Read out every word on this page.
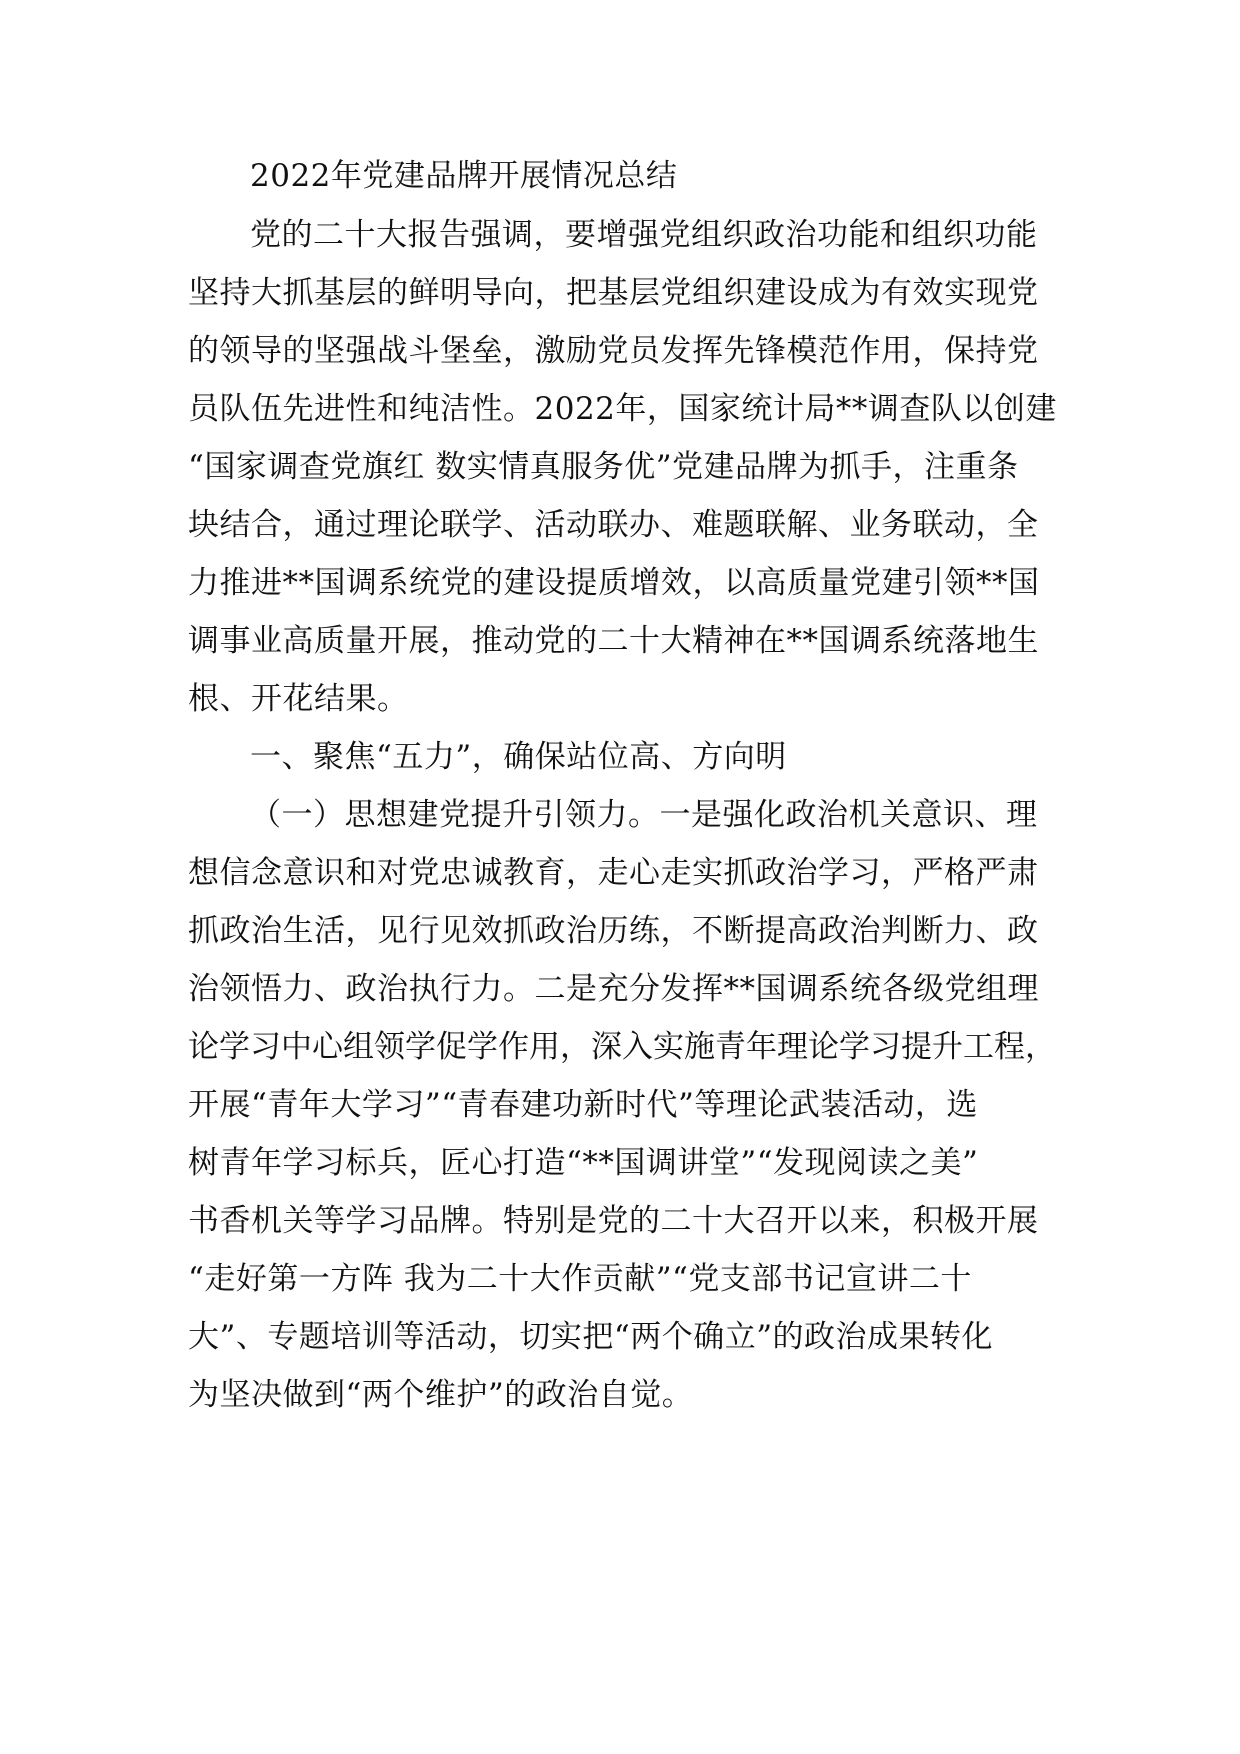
2022年党建品牌开展情况总结
党的二十大报告强调，要增强党组织政治功能和组织功能
坚持大抓基层的鲜明导向，把基层党组织建设成为有效实现党
的领导的坚强战斗堡垒，激励党员发挥先锋模范作用，保持党
员队伍先进性和纯洁性。2022年，国家统计局**调查队以创建
“国家调查党旗红 数实情真服务优”党建品牌为抓手，注重条
块结合，通过理论联学、活动联办、难题联解、业务联动，全
力推进**国调系统党的建设提质增效，以高质量党建引领**国
调事业高质量开展，推动党的二十大精神在**国调系统落地生
根、开花结果。
一、聚焦“五力”，确保站位高、方向明
（一）思想建党提升引领力。一是强化政治机关意识、理
想信念意识和对党忠诚教育，走心走实抓政治学习，严格严肃
抓政治生活，见行见效抓政治历练，不断提高政治判断力、政
治领悟力、政治执行力。二是充分发挥**国调系统各级党组理
论学习中心组领学促学作用，深入实施青年理论学习提升工程，
开展“青年大学习”“青春建功新时代”等理论武装活动，选
树青年学习标兵，匠心打造“**国调讲堂”“发现阅读之美”
书香机关等学习品牌。特别是党的二十大召开以来，积极开展
“走好第一方阵 我为二十大作贡献”“党支部书记宣讲二十
大”、专题培训等活动，切实把“两个确立”的政治成果转化
为坚决做到“两个维护”的政治自觉。
